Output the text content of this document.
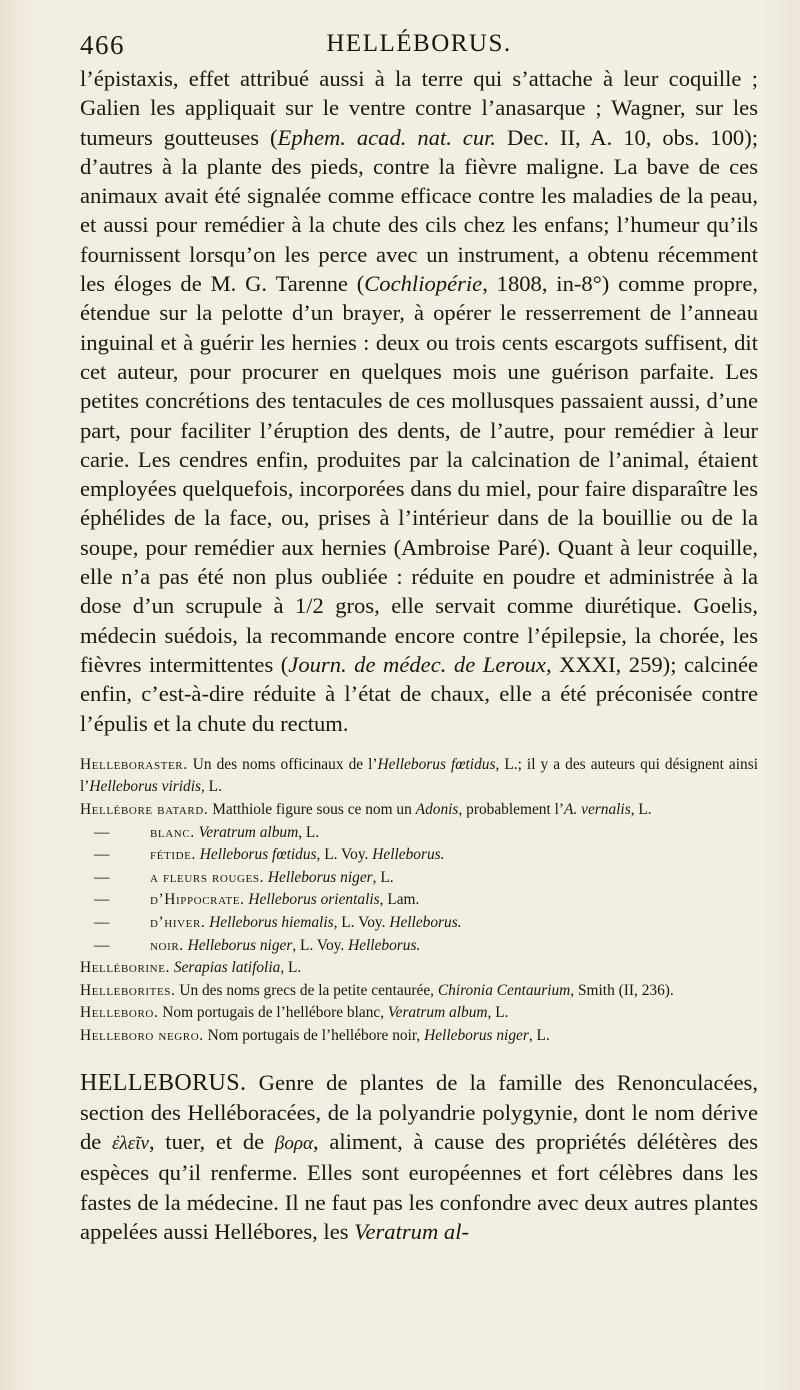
466	HELLÉBORUS.

l’épistaxis, effet attribué aussi à la terre qui s’attache à leur coquille ; Galien les appliquait sur le ventre contre l’anasarque ; Wagner, sur les tumeurs goutteuses (Ephem. acad. nat. cur. Dec. II, A. 10, obs. 100); d’autres à la plante des pieds, contre la fièvre maligne. La bave de ces animaux avait été signalée comme efficace contre les maladies de la peau, et aussi pour remédier à la chute des cils chez les enfans; l’humeur qu’ils fournissent lorsqu’on les perce avec un instrument, a obtenu récemment les éloges de M. G. Tarenne (Cochliopérie, 1808, in-8°) comme propre, étendue sur la pelotte d’un brayer, à opérer le resserrement de l’anneau inguinal et à guérir les hernies : deux ou trois cents escargots suffisent, dit cet auteur, pour procurer en quelques mois une guérison parfaite. Les petites concrétions des tentacules de ces mollusques passaient aussi, d’une part, pour faciliter l’éruption des dents, de l’autre, pour remédier à leur carie. Les cendres enfin, produites par la calcination de l’animal, étaient employées quelquefois, incorporées dans du miel, pour faire disparaître les éphélides de la face, ou, prises à l’intérieur dans de la bouillie ou de la soupe, pour remédier aux hernies (Ambroise Paré). Quant à leur coquille, elle n’a pas été non plus oubliée : réduite en poudre et administrée à la dose d’un scrupule à 1/2 gros, elle servait comme diurétique. Goelis, médecin suédois, la recommande encore contre l’épilepsie, la chorée, les fièvres intermittentes (Journ. de médec. de Leroux, XXXI, 259); calcinée enfin, c’est-à-dire réduite à l’état de chaux, elle a été préconisée contre l’épulis et la chute du rectum.

Helleboraster. Un des noms officinaux de l’Helleborus fœtidus, L.; il y a des auteurs qui désignent ainsi l’Helleborus viridis, L.

Hellébore batard. Matthiole figure sous ce nom un Adonis, probablement l’A. vernalis, L.

—	blanc. Veratrum album, L.

—	fétide. Helleborus fœtidus, L. Voy. Helleborus.

—	a fleurs rouges. Helleborus niger, L.

—	d’Hippocrate. Helleborus orientalis, Lam.

—	d’hiver. Helleborus hiemalis, L. Voy. Helleborus.

—	noir. Helleborus niger, L. Voy. Helleborus.

Helléborine. Serapias latifolia, L.

Helleborites. Un des noms grecs de la petite centaurée, Chironia Centaurium, Smith (II, 236).

Helleboro. Nom portugais de l’hellébore blanc, Veratrum album, L.

Helleboro negro. Nom portugais de l’hellébore noir, Helleborus niger, L.

HELLEBORUS. Genre de plantes de la famille des Renonculacées, section des Helléboracées, de la polyandrie polygynie, dont le nom dérive de ἐλεῖν, tuer, et de βορα, aliment, à cause des propriétés délétères des espèces qu’il renferme. Elles sont européennes et fort célèbres dans les fastes de la médecine. Il ne faut pas les confondre avec deux autres plantes appelées aussi Hellébores, les Veratrum al-
